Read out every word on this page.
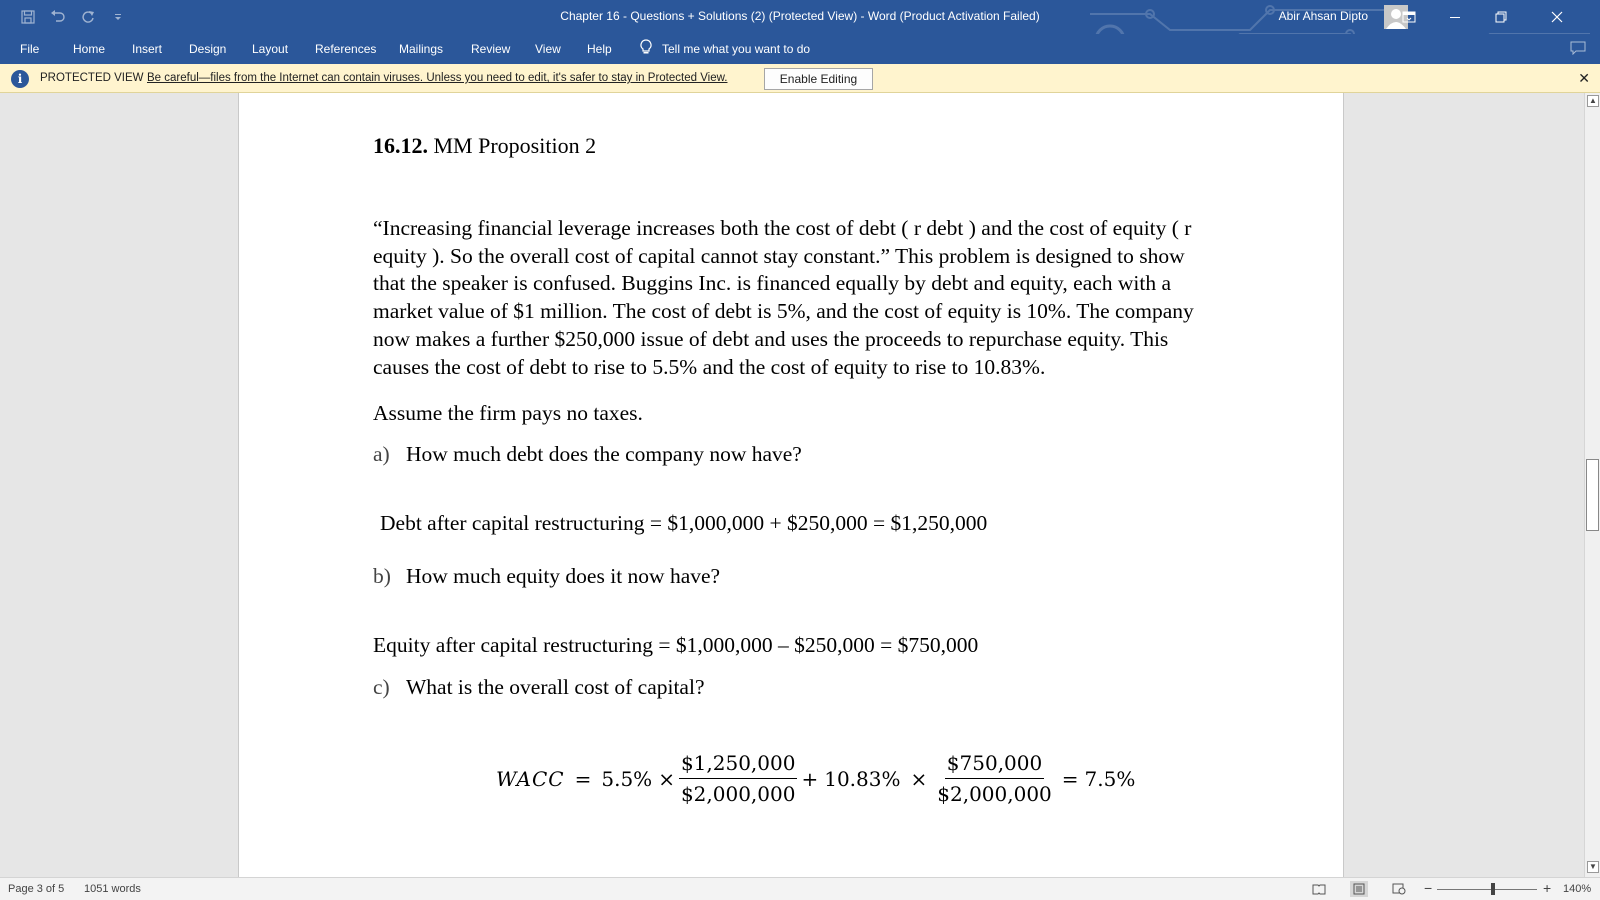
Chapter 16 - Questions + Solutions (2) (Protected View) - Word (Product Activation Failed)	Abir Ahsan Dipto
File	Home Insert Design Layout References Mailings Review View Help	Tell me what you want to do
i	PROTECTED VIEW Be careful—files from the Internet can contain viruses. Unless you need to edit, it's safer to stay in Protected View.	Enable Editing	✕
16.12. MM Proposition 2
“Increasing financial leverage increases both the cost of debt ( r debt ) and the cost of equity ( r equity ). So the overall cost of capital cannot stay constant.” This problem is designed to show that the speaker is confused. Buggins Inc. is financed equally by debt and equity, each with a market value of $1 million. The cost of debt is 5%, and the cost of equity is 10%. The company now makes a further $250,000 issue of debt and uses the proceeds to repurchase equity. This causes the cost of debt to rise to 5.5% and the cost of equity to rise to 10.83%.
Assume the firm pays no taxes.
a) How much debt does the company now have?
Debt after capital restructuring = $1,000,000 + $250,000 = $1,250,000
b) How much equity does it now have?
Equity after capital restructuring = $1,000,000 – $250,000 = $750,000
c) What is the overall cost of capital?
WACC = $5.5\% \times \frac{\$1,250,000}{\$2,000,000} + 10.83\% \times \frac{\$750,000}{\$2,000,000} = 7.5\%$
▲
▼
Page 3 of 5 1051 words	−	+ 140%
